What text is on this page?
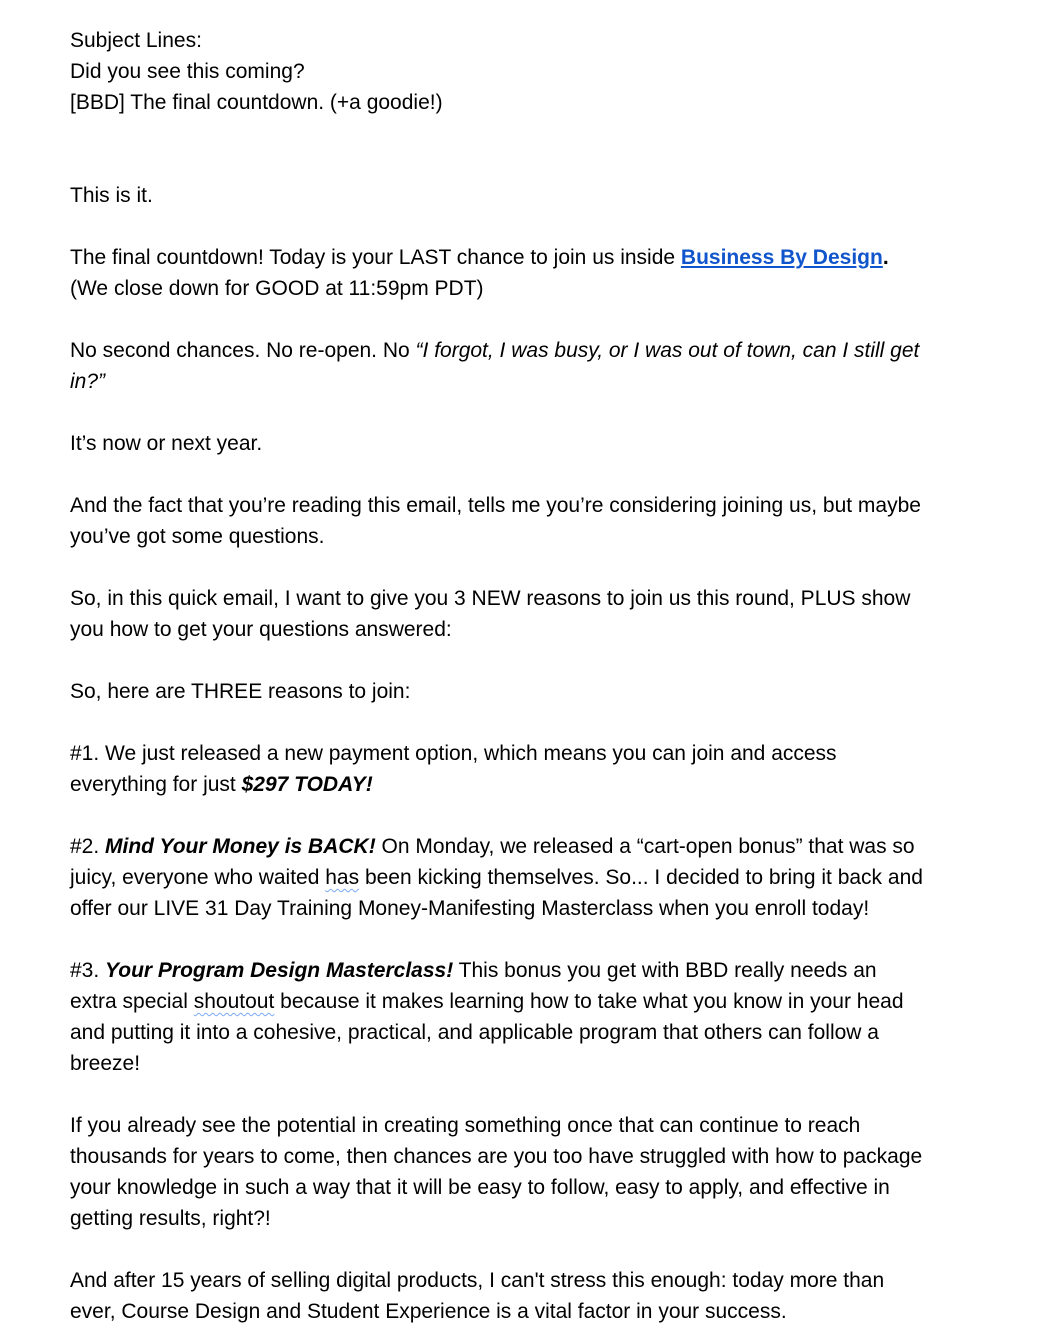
Subject Lines:
Did you see this coming?
[BBD] The final countdown. (+a goodie!)
This is it.
The final countdown! Today is your LAST chance to join us inside Business By Design.
(We close down for GOOD at 11:59pm PDT)
No second chances. No re-open. No “I forgot, I was busy, or I was out of town, can I still get
in?”
It’s now or next year.
And the fact that you’re reading this email, tells me you’re considering joining us, but maybe
you’ve got some questions.
So, in this quick email, I want to give you 3 NEW reasons to join us this round, PLUS show
you how to get your questions answered:
So, here are THREE reasons to join:
#1. We just released a new payment option, which means you can join and access
everything for just $297 TODAY!
#2. Mind Your Money is BACK! On Monday, we released a “cart-open bonus” that was so
juicy, everyone who waited has been kicking themselves. So... I decided to bring it back and
offer our LIVE 31 Day Training Money-Manifesting Masterclass when you enroll today!
#3. Your Program Design Masterclass! This bonus you get with BBD really needs an
extra special shoutout because it makes learning how to take what you know in your head
and putting it into a cohesive, practical, and applicable program that others can follow a
breeze!
If you already see the potential in creating something once that can continue to reach
thousands for years to come, then chances are you too have struggled with how to package
your knowledge in such a way that it will be easy to follow, easy to apply, and effective in
getting results, right?!
And after 15 years of selling digital products, I can't stress this enough: today more than
ever, Course Design and Student Experience is a vital factor in your success.
